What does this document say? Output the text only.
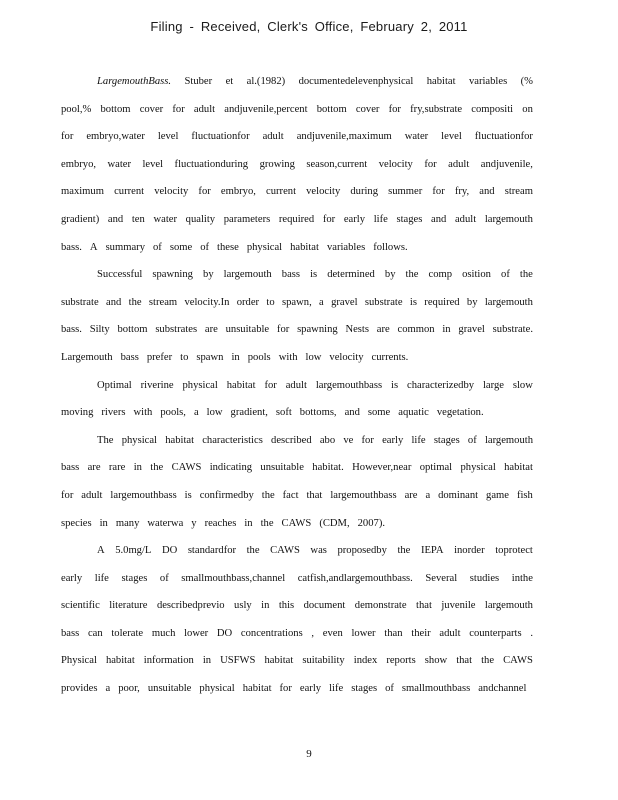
Filing - Received, Clerk's Office, February 2, 2011
LargemouthBass. Stuber et al.(1982) documentedelevenphysical habitat variables (%
pool,% bottom cover for adult andjuvenile,percent bottom cover for fry,substrate compositi on
for embryo,water level fluctuationfor adult andjuvenile,maximum water level fluctuationfor
embryo, water level fluctuationduring growing season,current velocity for adult andjuvenile,
maximum current velocity for embryo, current velocity during summer for fry, and stream
gradient) and ten water quality parameters required for early life stages and adult largemouth
bass. A summary of some of these physical habitat variables follows.
Successful spawning by largemouth bass is determined by the comp osition of the
substrate and the stream velocity.In order to spawn, a gravel substrate is required by largemouth
bass. Silty bottom substrates are unsuitable for spawning Nests are common in gravel substrate.
Largemouth bass prefer to spawn in pools with low velocity currents.
Optimal riverine physical habitat for adult largemouthbass is characterizedby large slow
moving rivers with pools, a low gradient, soft bottoms, and some aquatic vegetation.
The physical habitat characteristics described abo ve for early life stages of largemouth
bass are rare in the CAWS indicating unsuitable habitat. However,near optimal physical habitat
for adult largemouthbass is confirmedby the fact that largemouthbass are a dominant game fish
species in many waterwa y reaches in the CAWS (CDM, 2007).
A 5.0mg/L DO standardfor the CAWS was proposedby the IEPA inorder toprotect
early life stages of smallmouthbass,channel catfish,andlargemouthbass. Several studies inthe
scientific literature describedprevio usly in this document demonstrate that juvenile largemouth
bass can tolerate much lower DO concentrations , even lower than their adult counterparts .
Physical habitat information in USFWS habitat suitability index reports show that the CAWS
provides a poor, unsuitable physical habitat for early life stages of smallmouthbass andchannel
9
